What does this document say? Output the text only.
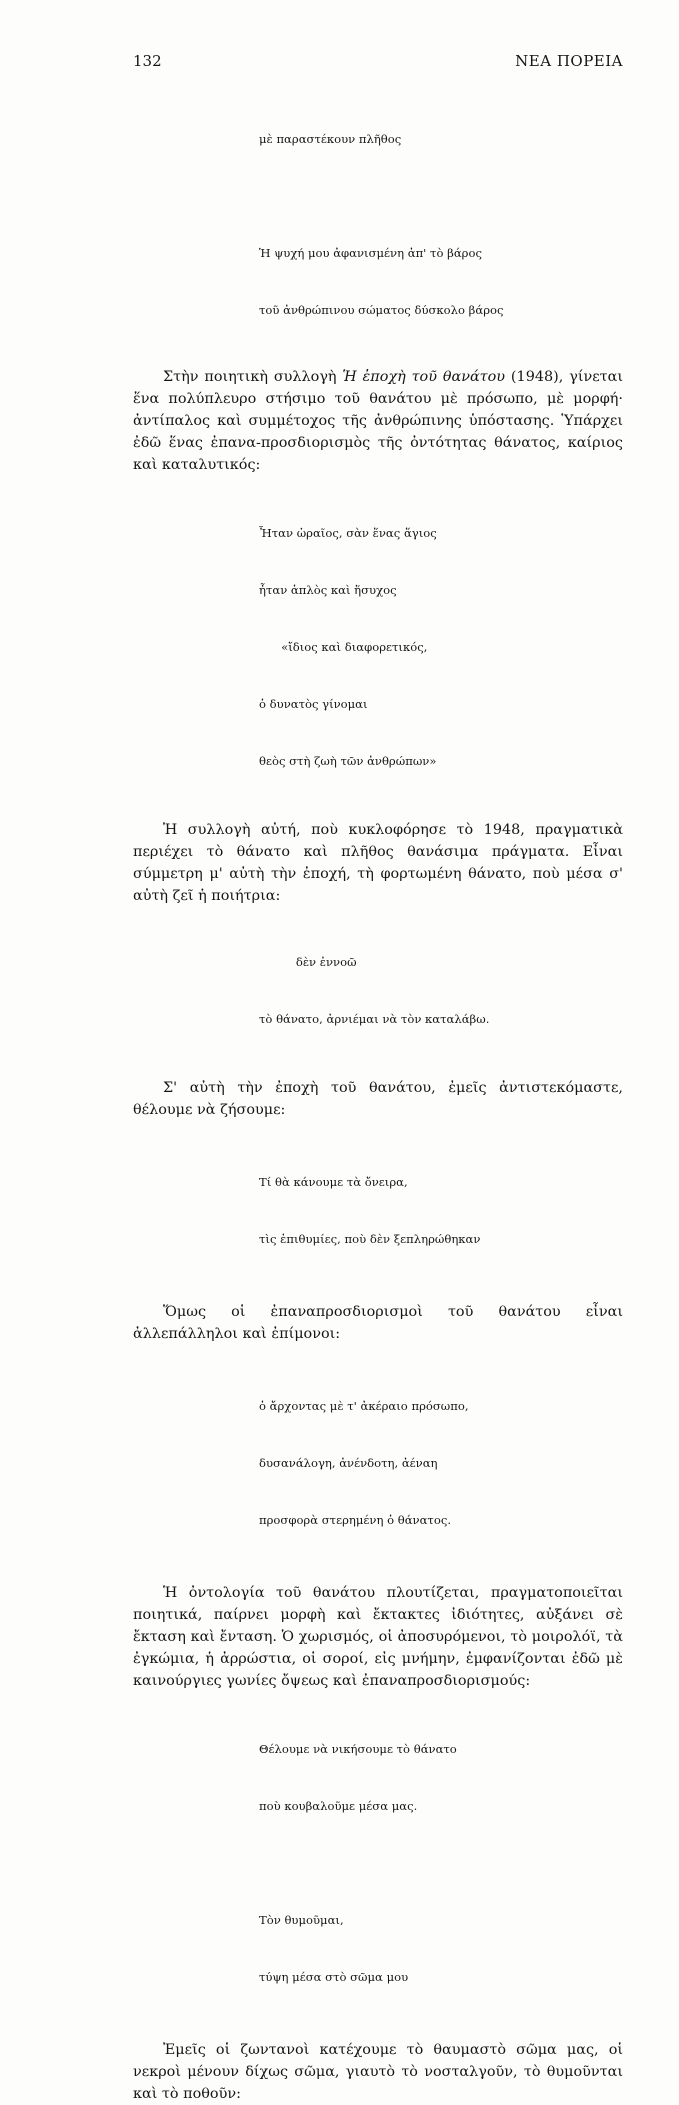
132	ΝΕΑ ΠΟΡΕΙΑ

μὲ παραστέκουν πλῆθος

Ἡ ψυχή μου ἀφανισμένη ἀπ' τὸ βάρος

τοῦ ἀνθρώπινου σώματος δύσκολο βάρος

Στὴν ποιητικὴ συλλογὴ Ἡ ἐποχὴ τοῦ θανάτου (1948), γίνεται ἕνα πολύπλευρο στήσιμο τοῦ θανάτου μὲ πρόσωπο, μὲ μορφή· ἀντίπαλος καὶ συμμέτοχος τῆς ἀνθρώπινης ὑπόστασης. Ὑπάρχει ἐδῶ ἕνας ἐπανα-προσδιορισμὸς τῆς ὀντότητας θάνατος, καίριος καὶ καταλυτικός:

Ἦταν ὡραῖος, σὰν ἕνας ἅγιος

ἦταν ἁπλὸς καὶ ἥσυχος

«ἴδιος καὶ διαφορετικός,

ὁ δυνατὸς γίνομαι

θεὸς στὴ ζωὴ τῶν ἀνθρώπων»

Ἡ συλλογὴ αὐτή, ποὺ κυκλοφόρησε τὸ 1948, πραγματικὰ περιέχει τὸ θάνατο καὶ πλῆθος θανάσιμα πράγματα. Εἶναι σύμμετρη μ' αὐτὴ τὴν ἐποχή, τὴ φορτωμένη θάνατο, ποὺ μέσα σ' αὐτὴ ζεῖ ἡ ποιήτρια:

δὲν ἐννοῶ

τὸ θάνατο, ἀρνιέμαι νὰ τὸν καταλάβω.

Σ' αὐτὴ τὴν ἐποχὴ τοῦ θανάτου, ἐμεῖς ἀντιστεκόμαστε, θέλουμε νὰ ζήσουμε:

Τί θὰ κάνουμε τὰ ὄνειρα,

τὶς ἐπιθυμίες, ποὺ δὲν ξεπληρώθηκαν

Ὅμως οἱ ἐπαναπροσδιορισμοὶ τοῦ θανάτου εἶναι ἀλλεπάλληλοι καὶ ἐπίμονοι:

ὁ ἄρχοντας μὲ τ' ἀκέραιο πρόσωπο,

δυσανάλογη, ἀνένδοτη, ἀέναη

προσφορὰ στερημένη ὁ θάνατος.

Ἡ ὀντολογία τοῦ θανάτου πλουτίζεται, πραγματοποιεῖται ποιητικά, παίρνει μορφὴ καὶ ἔκτακτες ἰδιότητες, αὐξάνει σὲ ἔκταση καὶ ἔνταση. Ὁ χωρισμός, οἱ ἀποσυρόμενοι, τὸ μοιρολόϊ, τὰ ἐγκώμια, ἡ ἀρρώστια, οἱ σοροί, εἰς μνήμην, ἐμφανίζονται ἐδῶ μὲ καινούργιες γωνίες ὄψεως καὶ ἐπαναπροσδιορισμούς:

Θέλουμε νὰ νικήσουμε τὸ θάνατο

ποὺ κουβαλοῦμε μέσα μας.

Τὸν θυμοῦμαι,

τύψη μέσα στὸ σῶμα μου

Ἐμεῖς οἱ ζωντανοὶ κατέχουμε τὸ θαυμαστὸ σῶμα μας, οἱ νεκροὶ μένουν δίχως σῶμα, γιαυτὸ τὸ νοσταλγοῦν, τὸ θυμοῦνται καὶ τὸ ποθοῦν:
